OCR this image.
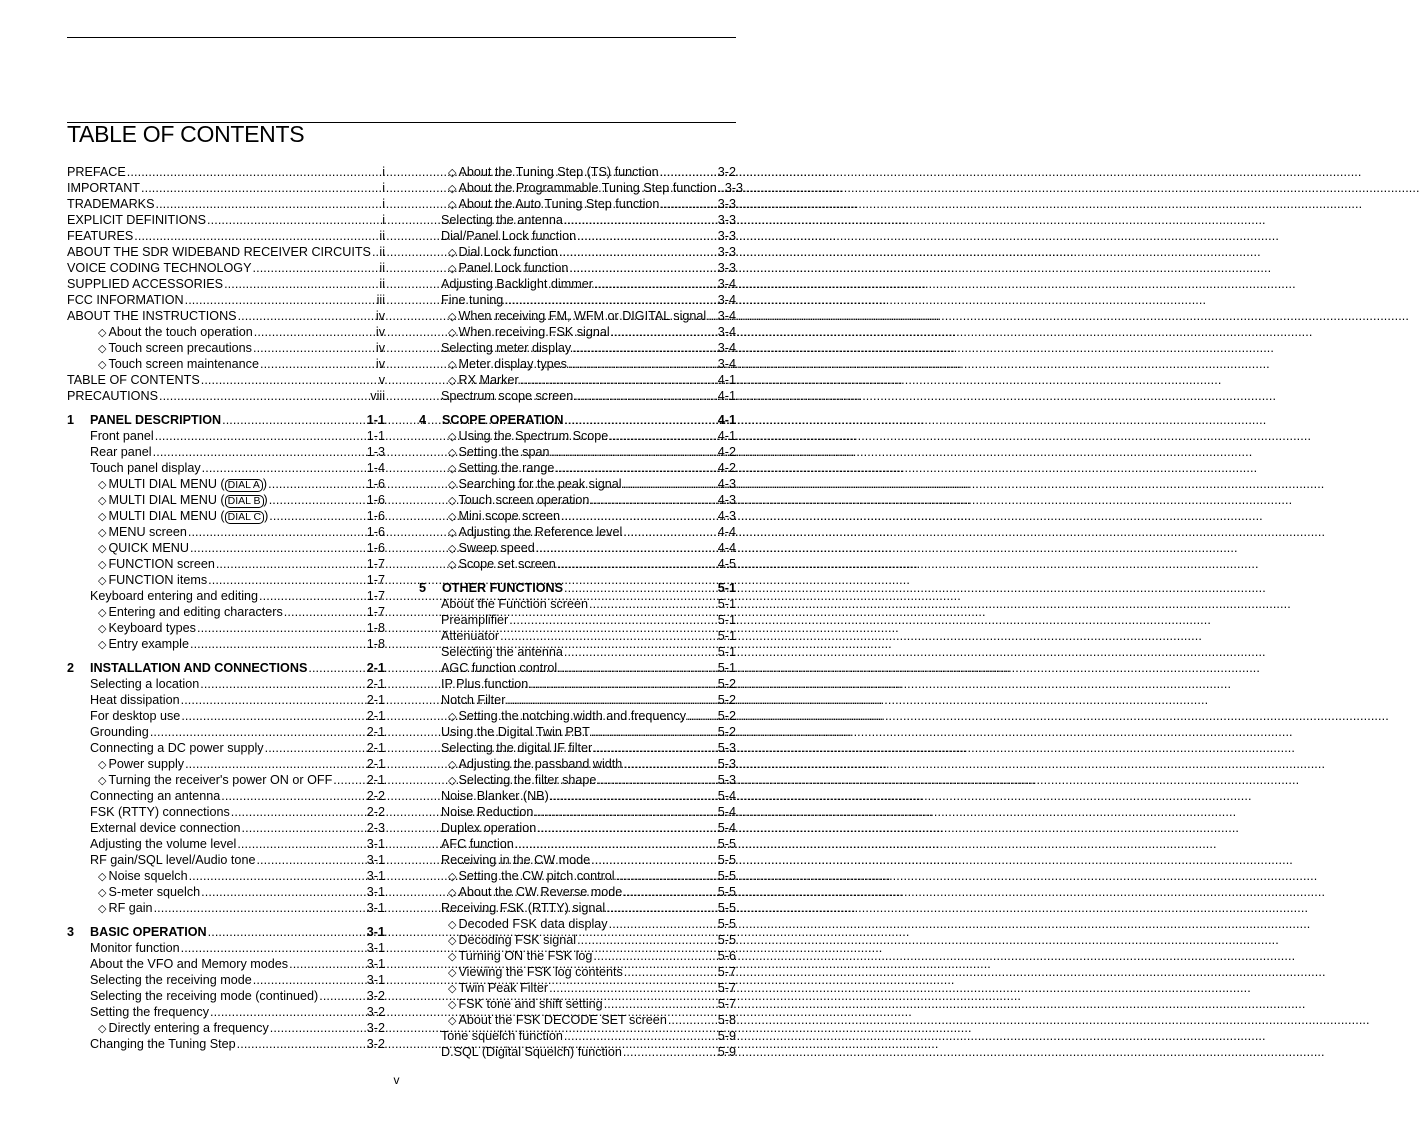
TABLE OF CONTENTS
PREFACE .....	i
IMPORTANT .....	i
TRADEMARKS .....	i
EXPLICIT DEFINITIONS .....	i
FEATURES .....	ii
ABOUT THE SDR WIDEBAND RECEIVER CIRCUITS ..... ii
VOICE CODING TECHNOLOGY .....	ii
SUPPLIED ACCESSORIES .....	ii
FCC INFORMATION .....	iii
ABOUT THE INSTRUCTIONS .....	iv
◇ About the touch operation .....	iv
◇ Touch screen precautions .....	iv
◇ Touch screen maintenance .....	iv
TABLE OF CONTENTS .....	v
PRECAUTIONS .....	viii
1	PANEL DESCRIPTION .....	1-1
Front panel .....	1-1
Rear panel .....	1-3
Touch panel display .....	1-4
◇ MULTI DIAL MENU ( DIAL A ) .....	1-6
◇ MULTI DIAL MENU ( DIAL B ) .....	1-6
◇ MULTI DIAL MENU ( DIAL C ) .....	1-6
◇ MENU screen .....	1-6
◇ QUICK MENU .....	1-6
◇ FUNCTION screen .....	1-7
◇ FUNCTION items .....	1-7
Keyboard entering and editing .....	1-7
◇ Entering and editing characters .....	1-7
◇ Keyboard types .....	1-8
◇ Entry example .....	1-8
2	INSTALLATION AND CONNECTIONS .....	2-1
Selecting a location .....	2-1
Heat dissipation .....	2-1
For desktop use .....	2-1
Grounding .....	2-1
Connecting a DC power supply .....	2-1
◇ Power supply .....	2-1
◇ Turning the receiver's power ON or OFF .....	2-1
Connecting an antenna .....	2-2
FSK (RTTY) connections .....	2-2
External device connection .....	2-3
Adjusting the volume level .....	3-1
RF gain/SQL level/Audio tone .....	3-1
◇ Noise squelch .....	3-1
◇ S-meter squelch .....	3-1
◇ RF gain .....	3-1
3	BASIC OPERATION .....	3-1
Monitor function .....	3-1
About the VFO and Memory modes .....	3-1
Selecting the receiving mode .....	3-1
Selecting the receiving mode (continued) .....	3-2
Setting the frequency .....	3-2
◇ Directly entering a frequency .....	3-2
Changing the Tuning Step .....	3-2
◇ About the Tuning Step (TS) function .....	3-2
◇ About the Programmable Tuning Step function ..... 3-3
◇ About the Auto Tuning Step function .....	3-3
Selecting the antenna .....	3-3
Dial/Panel Lock function .....	3-3
◇ Dial Lock function .....	3-3
◇ Panel Lock function .....	3-3
Adjusting Backlight dimmer .....	3-4
Fine tuning .....	3-4
◇ When receiving FM, WFM or DIGITAL signal ..... 3-4
◇ When receiving FSK signal .....	3-4
Selecting meter display .....	3-4
◇ Meter display types .....	3-4
◇ RX Marker .....	4-1
Spectrum scope screen .....	4-1
4	SCOPE OPERATION .....	4-1
◇ Using the Spectrum Scope .....	4-1
◇ Setting the span .....	4-2
◇ Setting the range .....	4-2
◇ Searching for the peak signal .....	4-3
◇ Touch screen operation .....	4-3
◇ Mini scope screen .....	4-3
◇ Adjusting the Reference level .....	4-4
◇ Sweep speed .....	4-4
◇ Scope set screen .....	4-5
5	OTHER FUNCTIONS .....	5-1
About the Function screen .....	5-1
Preamplifier .....	5-1
Attenuator .....	5-1
Selecting the antenna .....	5-1
AGC function control .....	5-1
IP Plus function .....	5-2
Notch Filter .....	5-2
◇ Setting the notching width and frequency .....	5-2
Using the Digital Twin PBT .....	5-2
Selecting the digital IF filter .....	5-3
◇ Adjusting the passband width .....	5-3
◇ Selecting the filter shape .....	5-3
Noise Blanker (NB) .....	5-4
Noise Reduction .....	5-4
Duplex operation .....	5-4
AFC function .....	5-5
Receiving in the CW mode .....	5-5
◇ Setting the CW pitch control .....	5-5
◇ About the CW Reverse mode .....	5-5
Receiving FSK (RTTY) signal .....	5-5
◇ Decoded FSK data display .....	5-5
◇ Decoding FSK signal .....	5-5
◇ Turning ON the FSK log .....	5-6
◇ Viewing the FSK log contents .....	5-7
◇ Twin Peak Filter .....	5-7
◇ FSK tone and shift setting .....	5-7
◇ About the FSK DECODE SET screen .....	5-8
Tone squelch function .....	5-9
D.SQL (Digital Squelch) function .....	5-9
v
